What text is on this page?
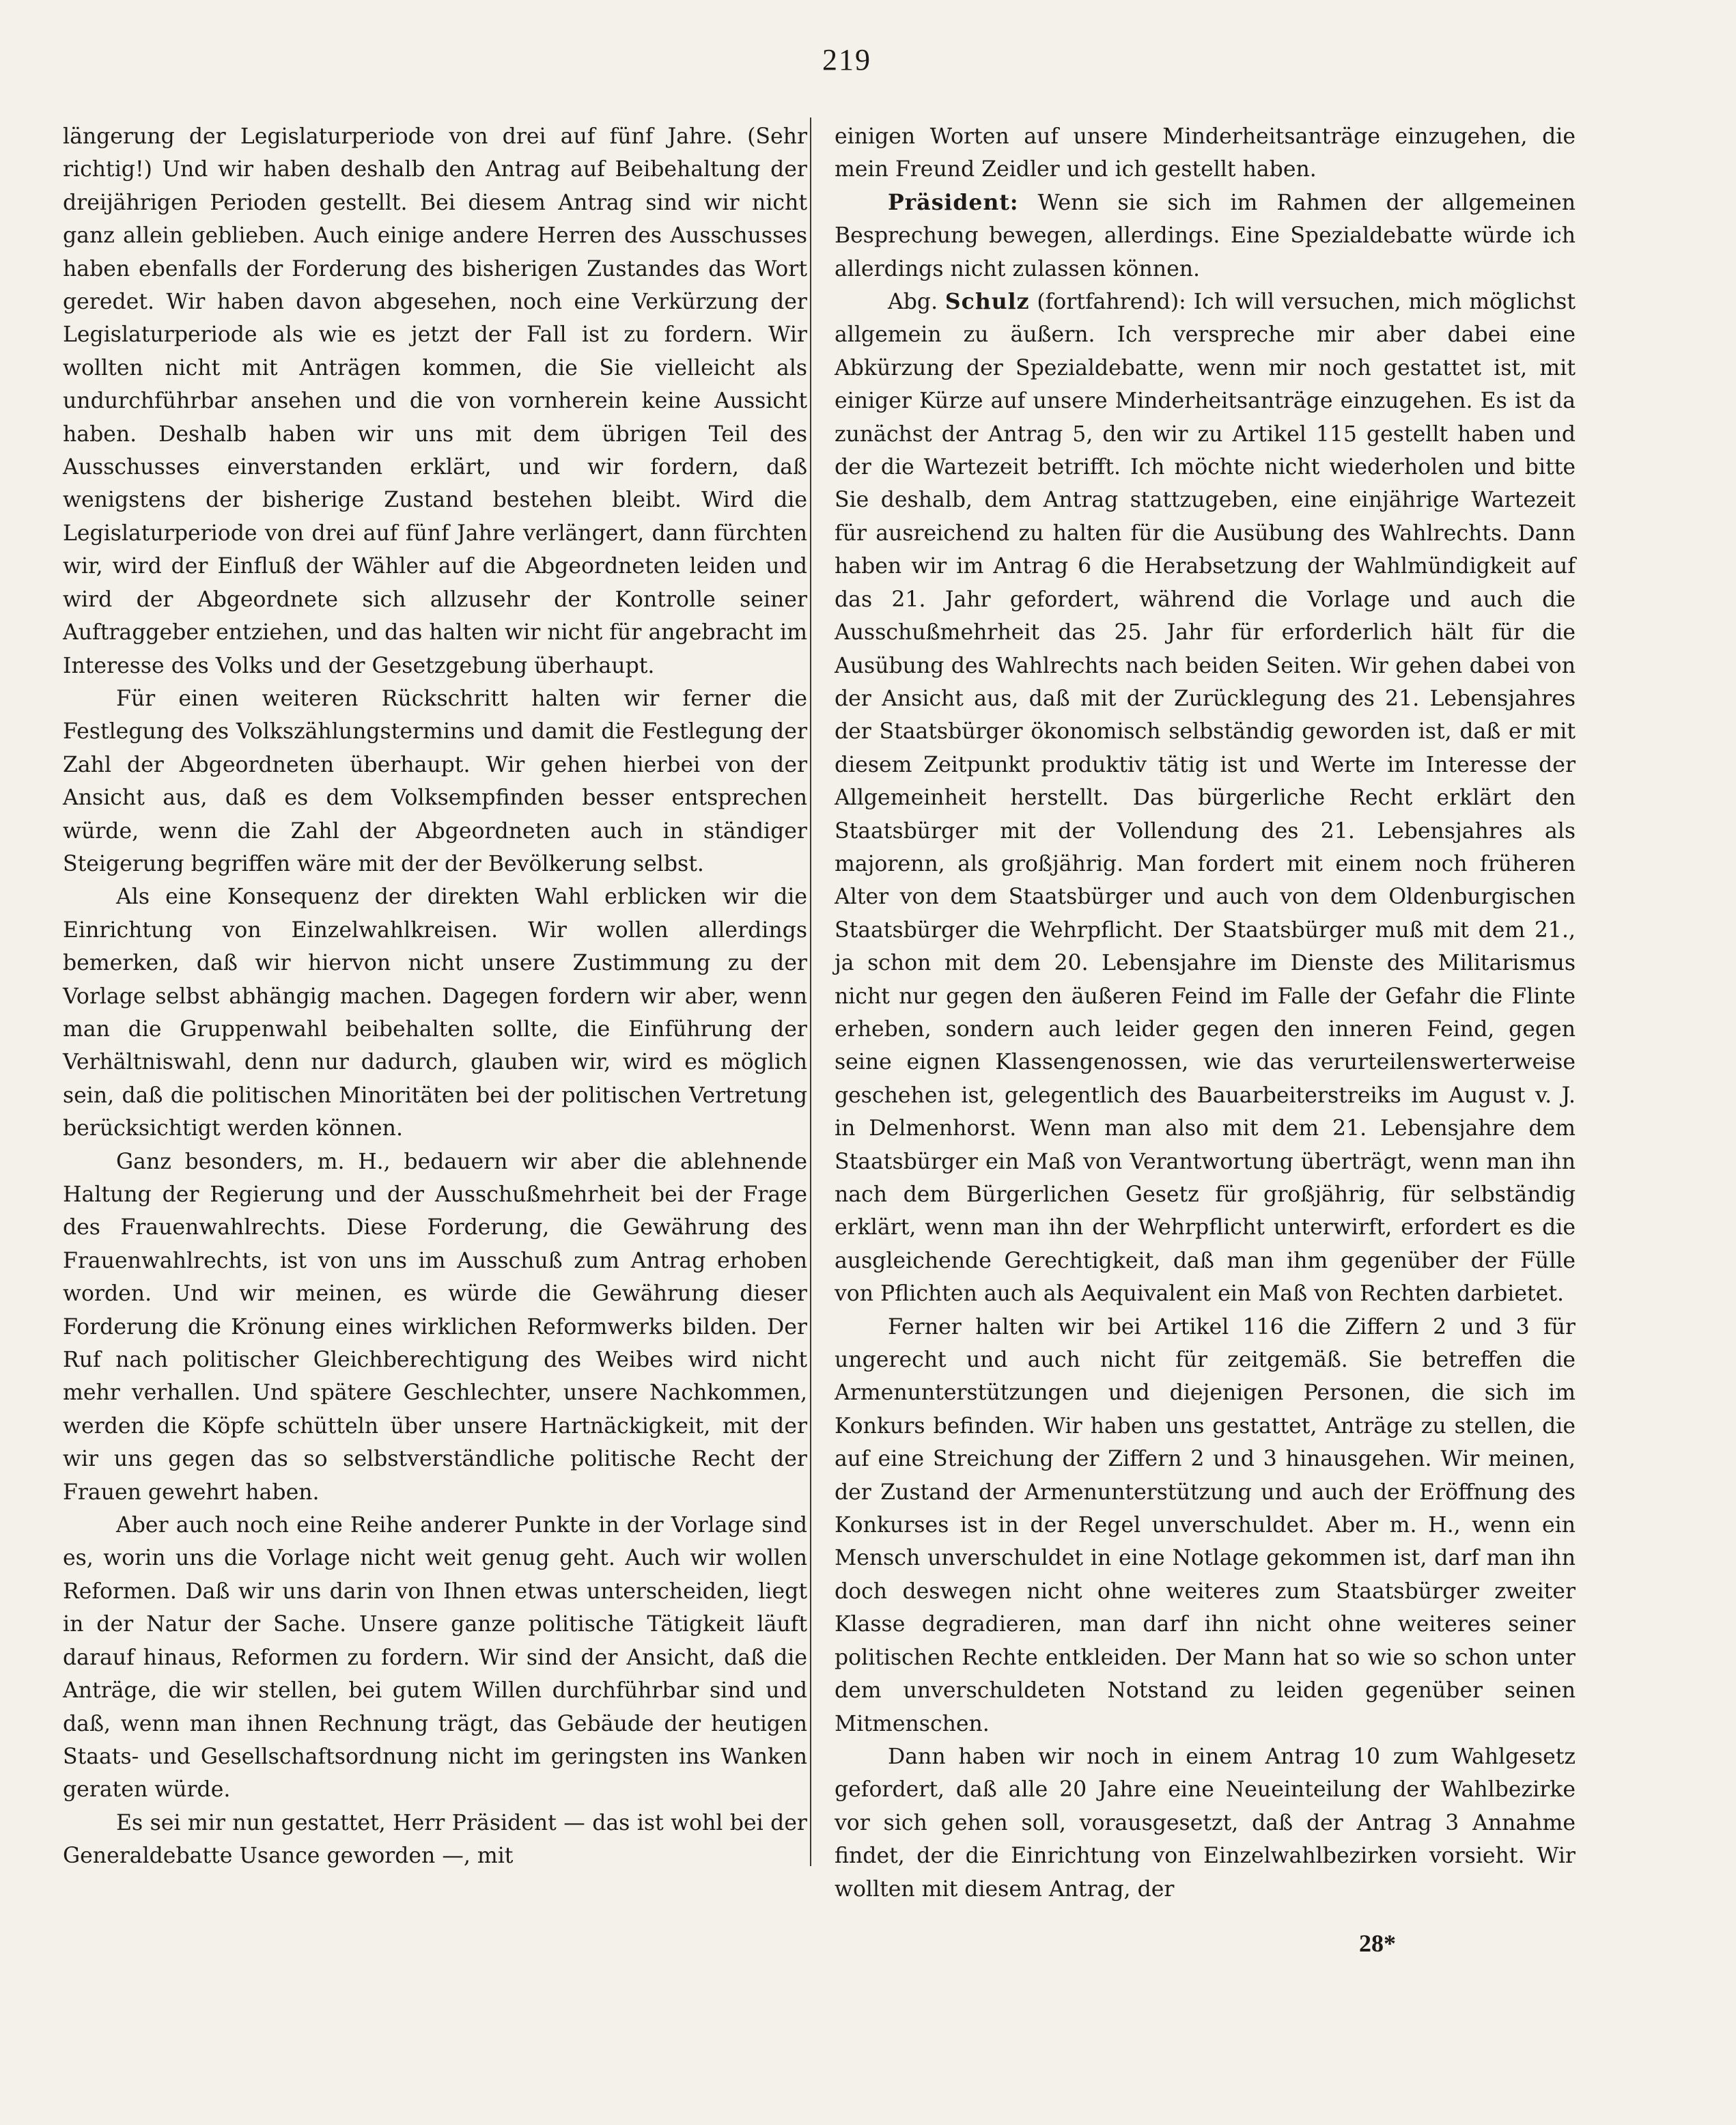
219

längerung der Legislaturperiode von drei auf fünf Jahre. (Sehr richtig!) Und wir haben deshalb den Antrag auf Beibehaltung der dreijährigen Perioden gestellt. Bei diesem Antrag sind wir nicht ganz allein geblieben. Auch einige andere Herren des Ausschusses haben ebenfalls der Forderung des bisherigen Zustandes das Wort geredet. Wir haben davon abgesehen, noch eine Verkürzung der Legislaturperiode als wie es jetzt der Fall ist zu fordern. Wir wollten nicht mit Anträgen kommen, die Sie vielleicht als undurchführbar ansehen und die von vornherein keine Aussicht haben. Deshalb haben wir uns mit dem übrigen Teil des Ausschusses einverstanden erklärt, und wir fordern, daß wenigstens der bisherige Zustand bestehen bleibt. Wird die Legislaturperiode von drei auf fünf Jahre verlängert, dann fürchten wir, wird der Einfluß der Wähler auf die Abgeordneten leiden und wird der Abgeordnete sich allzusehr der Kontrolle seiner Auftraggeber entziehen, und das halten wir nicht für angebracht im Interesse des Volks und der Gesetzgebung überhaupt.

Für einen weiteren Rückschritt halten wir ferner die Festlegung des Volkszählungstermins und damit die Festlegung der Zahl der Abgeordneten überhaupt. Wir gehen hierbei von der Ansicht aus, daß es dem Volksempfinden besser entsprechen würde, wenn die Zahl der Abgeordneten auch in ständiger Steigerung begriffen wäre mit der der Bevölkerung selbst.

Als eine Konsequenz der direkten Wahl erblicken wir die Einrichtung von Einzelwahlkreisen. Wir wollen allerdings bemerken, daß wir hiervon nicht unsere Zustimmung zu der Vorlage selbst abhängig machen. Dagegen fordern wir aber, wenn man die Gruppenwahl beibehalten sollte, die Einführung der Verhältniswahl, denn nur dadurch, glauben wir, wird es möglich sein, daß die politischen Minoritäten bei der politischen Vertretung berücksichtigt werden können.

Ganz besonders, m. H., bedauern wir aber die ablehnende Haltung der Regierung und der Ausschußmehrheit bei der Frage des Frauenwahlrechts. Diese Forderung, die Gewährung des Frauenwahlrechts, ist von uns im Ausschuß zum Antrag erhoben worden. Und wir meinen, es würde die Gewährung dieser Forderung die Krönung eines wirklichen Reformwerks bilden. Der Ruf nach politischer Gleichberechtigung des Weibes wird nicht mehr verhallen. Und spätere Geschlechter, unsere Nachkommen, werden die Köpfe schütteln über unsere Hartnäckigkeit, mit der wir uns gegen das so selbstverständliche politische Recht der Frauen gewehrt haben.

Aber auch noch eine Reihe anderer Punkte in der Vorlage sind es, worin uns die Vorlage nicht weit genug geht. Auch wir wollen Reformen. Daß wir uns darin von Ihnen etwas unterscheiden, liegt in der Natur der Sache. Unsere ganze politische Tätigkeit läuft darauf hinaus, Reformen zu fordern. Wir sind der Ansicht, daß die Anträge, die wir stellen, bei gutem Willen durchführbar sind und daß, wenn man ihnen Rechnung trägt, das Gebäude der heutigen Staats- und Gesellschaftsordnung nicht im geringsten ins Wanken geraten würde.

Es sei mir nun gestattet, Herr Präsident — das ist wohl bei der Generaldebatte Usance geworden —, mit

einigen Worten auf unsere Minderheitsanträge einzugehen, die mein Freund Zeidler und ich gestellt haben.

Präsident: Wenn sie sich im Rahmen der allgemeinen Besprechung bewegen, allerdings. Eine Spezialdebatte würde ich allerdings nicht zulassen können.

Abg. Schulz (fortfahrend): Ich will versuchen, mich möglichst allgemein zu äußern. Ich verspreche mir aber dabei eine Abkürzung der Spezialdebatte, wenn mir noch gestattet ist, mit einiger Kürze auf unsere Minderheitsanträge einzugehen. Es ist da zunächst der Antrag 5, den wir zu Artikel 115 gestellt haben und der die Wartezeit betrifft. Ich möchte nicht wiederholen und bitte Sie deshalb, dem Antrag stattzugeben, eine einjährige Wartezeit für ausreichend zu halten für die Ausübung des Wahlrechts. Dann haben wir im Antrag 6 die Herabsetzung der Wahlmündigkeit auf das 21. Jahr gefordert, während die Vorlage und auch die Ausschußmehrheit das 25. Jahr für erforderlich hält für die Ausübung des Wahlrechts nach beiden Seiten. Wir gehen dabei von der Ansicht aus, daß mit der Zurücklegung des 21. Lebensjahres der Staatsbürger ökonomisch selbständig geworden ist, daß er mit diesem Zeitpunkt produktiv tätig ist und Werte im Interesse der Allgemeinheit herstellt. Das bürgerliche Recht erklärt den Staatsbürger mit der Vollendung des 21. Lebensjahres als majorenn, als großjährig. Man fordert mit einem noch früheren Alter von dem Staatsbürger und auch von dem Oldenburgischen Staatsbürger die Wehrpflicht. Der Staatsbürger muß mit dem 21., ja schon mit dem 20. Lebensjahre im Dienste des Militarismus nicht nur gegen den äußeren Feind im Falle der Gefahr die Flinte erheben, sondern auch leider gegen den inneren Feind, gegen seine eignen Klassengenossen, wie das verurteilenswerterweise geschehen ist, gelegentlich des Bauarbeiterstreiks im August v. J. in Delmenhorst. Wenn man also mit dem 21. Lebensjahre dem Staatsbürger ein Maß von Verantwortung überträgt, wenn man ihn nach dem Bürgerlichen Gesetz für großjährig, für selbständig erklärt, wenn man ihn der Wehrpflicht unterwirft, erfordert es die ausgleichende Gerechtigkeit, daß man ihm gegenüber der Fülle von Pflichten auch als Aequivalent ein Maß von Rechten darbietet.

Ferner halten wir bei Artikel 116 die Ziffern 2 und 3 für ungerecht und auch nicht für zeitgemäß. Sie betreffen die Armenunterstützungen und diejenigen Personen, die sich im Konkurs befinden. Wir haben uns gestattet, Anträge zu stellen, die auf eine Streichung der Ziffern 2 und 3 hinausgehen. Wir meinen, der Zustand der Armenunterstützung und auch der Eröffnung des Konkurses ist in der Regel unverschuldet. Aber m. H., wenn ein Mensch unverschuldet in eine Notlage gekommen ist, darf man ihn doch deswegen nicht ohne weiteres zum Staatsbürger zweiter Klasse degradieren, man darf ihn nicht ohne weiteres seiner politischen Rechte entkleiden. Der Mann hat so wie so schon unter dem unverschuldeten Notstand zu leiden gegenüber seinen Mitmenschen.

Dann haben wir noch in einem Antrag 10 zum Wahlgesetz gefordert, daß alle 20 Jahre eine Neueinteilung der Wahlbezirke vor sich gehen soll, vorausgesetzt, daß der Antrag 3 Annahme findet, der die Einrichtung von Einzelwahlbezirken vorsieht. Wir wollten mit diesem Antrag, der

28*
